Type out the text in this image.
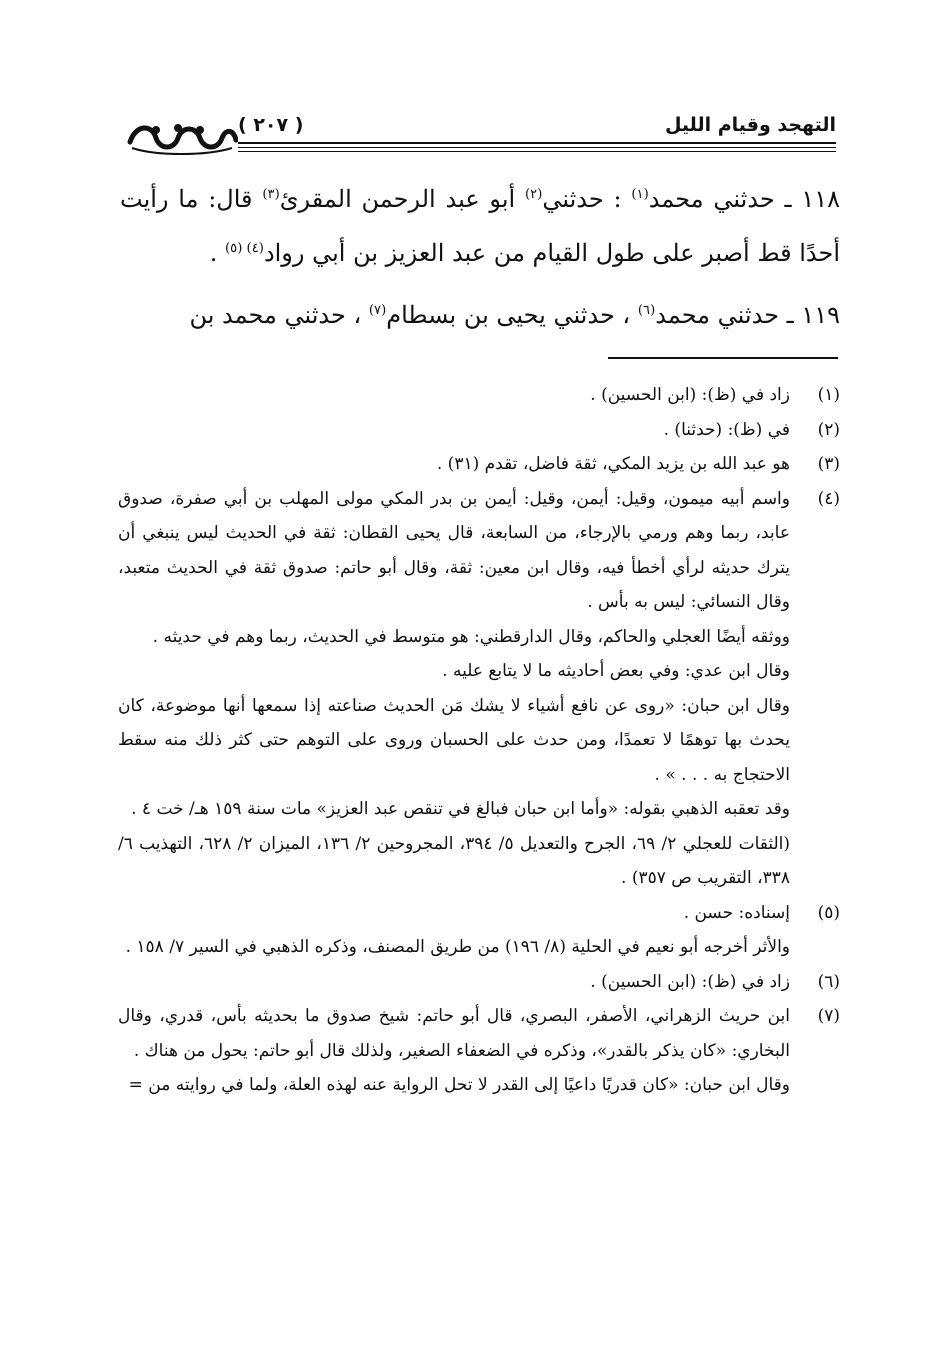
التهجد وقيام الليل
( ٢٠٧ )

١١٨ ـ حدثني محمد$^{(١)}$ : حدثني$^{(٢)}$ أبو عبد الرحمن المقرئ$^{(٣)}$ قال: ما رأيت أحدًا قط أصبر على طول القيام من عبد العزيز بن أبي رواد$^{(٤) (٥)}$ .

١١٩ ـ حدثني محمد$^{(٦)}$ ، حدثني يحيى بن بسطام$^{(٧)}$ ، حدثني محمد بن

(١)

زاد في (ظ): (ابن الحسين) .

(٢)

في (ظ): (حدثنا) .

(٣)

هو عبد الله بن يزيد المكي، ثقة فاضل، تقدم (٣١) .

(٤)

واسم أبيه ميمون، وقيل: أيمن، وقيل: أيمن بن بدر المكي مولى المهلب بن أبي صفرة، صدوق عابد، ربما وهم ورمي بالإرجاء، من السابعة، قال يحيى القطان: ثقة في الحديث ليس ينبغي أن يترك حديثه لرأي أخطأ فيه، وقال ابن معين: ثقة، وقال أبو حاتم: صدوق ثقة في الحديث متعبد، وقال النسائي: ليس به بأس .

ووثقه أيضًا العجلي والحاكم، وقال الدارقطني: هو متوسط في الحديث، ربما وهم في حديثه .

وقال ابن عدي: وفي بعض أحاديثه ما لا يتابع عليه .

وقال ابن حبان: «روى عن نافع أشياء لا يشك مَن الحديث صناعته إذا سمعها أنها موضوعة، كان يحدث بها توهمًا لا تعمدًا، ومن حدث على الحسبان وروى على التوهم حتى كثر ذلك منه سقط الاحتجاج به . . . » .

وقد تعقبه الذهبي بقوله: «وأما ابن حبان فبالغ في تنقص عبد العزيز» مات سنة ١٥٩ هـ/ خت ٤ .

(الثقات للعجلي ٢/ ٦٩، الجرح والتعديل ٥/ ٣٩٤، المجروحين ٢/ ١٣٦، الميزان ٢/ ٦٢٨، التهذيب ٦/ ٣٣٨، التقريب ص ٣٥٧) .

(٥)

إسناده: حسن .

والأثر أخرجه أبو نعيم في الحلية (٨/ ١٩٦) من طريق المصنف، وذكره الذهبي في السير ٧/ ١٥٨ .

(٦)

زاد في (ظ): (ابن الحسين) .

(٧)

ابن حريث الزهراني، الأصفر، البصري، قال أبو حاتم: شيخ صدوق ما بحديثه بأس، قدري، وقال البخاري: «كان يذكر بالقدر»، وذكره في الضعفاء الصغير، ولذلك قال أبو حاتم: يحول من هناك .

وقال ابن حبان: «كان قدريًا داعيًا إلى القدر لا تحل الرواية عنه لهذه العلة، ولما في روايته من =
